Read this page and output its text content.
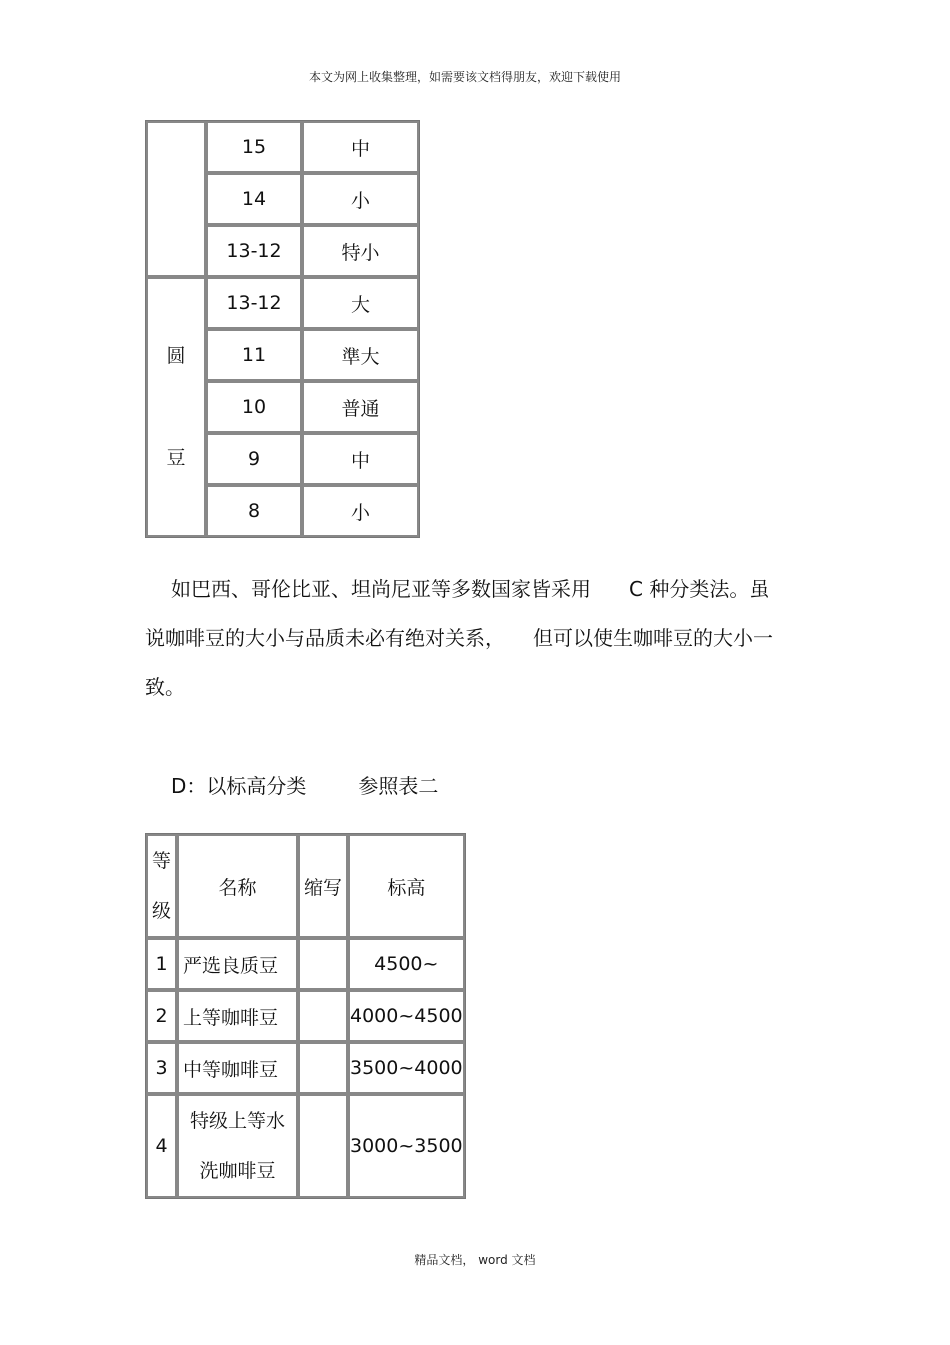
本文为网上收集整理，如需要该文档得朋友，欢迎下载使用
	15	中
	14	小
	13-12	特小
圆
豆	13-12	大
	11	準大
	10	普通
	9	中
	8	小
如巴西、哥伦比亚、坦尚尼亚等多数国家皆采用 C 种分类法。虽
说咖啡豆的大小与品质未必有绝对关系， 但可以使生咖啡豆的大小一
致。
D：以标高分类	参照表二
等
级	名称	缩写	标高
1	严选良质豆		4500~
2	上等咖啡豆		4000~4500
3	中等咖啡豆		3500~4000
4	特级上等水
洗咖啡豆		3000~3500
精品文档， word 文档
